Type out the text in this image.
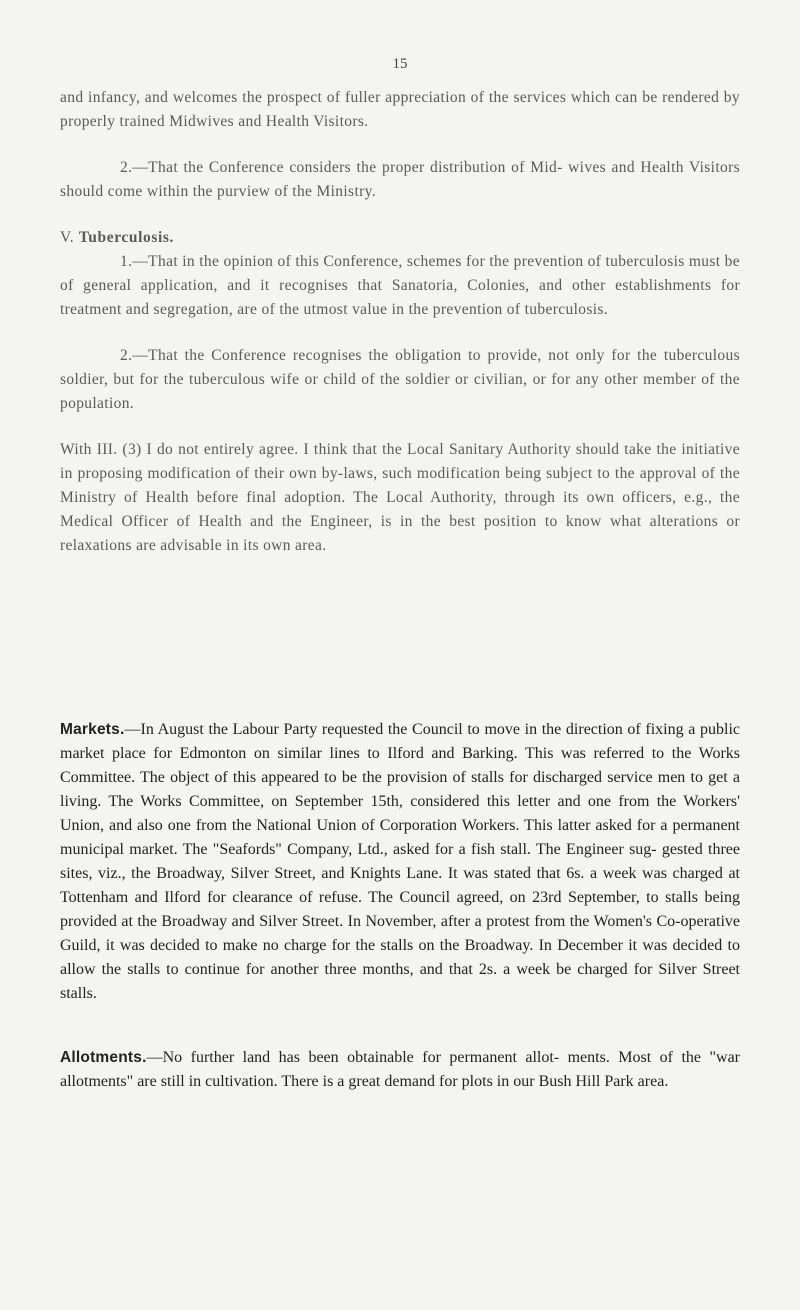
15

and infancy, and welcomes the prospect of fuller appreciation of the services which can be rendered by properly trained Midwives and Health Visitors.

2.—That the Conference considers the proper distribution of Mid- wives and Health Visitors should come within the purview of the Ministry.

V. Tuberculosis.

1.—That in the opinion of this Conference, schemes for the prevention of tuberculosis must be of general application, and it recognises that Sanatoria, Colonies, and other establishments for treatment and segregation, are of the utmost value in the prevention of tuberculosis.

2.—That the Conference recognises the obligation to provide, not only for the tuberculous soldier, but for the tuberculous wife or child of the soldier or civilian, or for any other member of the population.

With III. (3) I do not entirely agree. I think that the Local Sanitary Authority should take the initiative in proposing modification of their own by-laws, such modification being subject to the approval of the Ministry of Health before final adoption. The Local Authority, through its own officers, e.g., the Medical Officer of Health and the Engineer, is in the best position to know what alterations or relaxations are advisable in its own area.

Markets.—In August the Labour Party requested the Council to move in the direction of fixing a public market place for Edmonton on similar lines to Ilford and Barking. This was referred to the Works Committee. The object of this appeared to be the provision of stalls for discharged service men to get a living. The Works Committee, on September 15th, considered this letter and one from the Workers' Union, and also one from the National Union of Corporation Workers. This latter asked for a permanent municipal market. The "Seafords" Company, Ltd., asked for a fish stall. The Engineer sug- gested three sites, viz., the Broadway, Silver Street, and Knights Lane. It was stated that 6s. a week was charged at Tottenham and Ilford for clearance of refuse. The Council agreed, on 23rd September, to stalls being provided at the Broadway and Silver Street. In November, after a protest from the Women's Co-operative Guild, it was decided to make no charge for the stalls on the Broadway. In December it was decided to allow the stalls to continue for another three months, and that 2s. a week be charged for Silver Street stalls.

Allotments.—No further land has been obtainable for permanent allot- ments. Most of the "war allotments" are still in cultivation. There is a great demand for plots in our Bush Hill Park area.
